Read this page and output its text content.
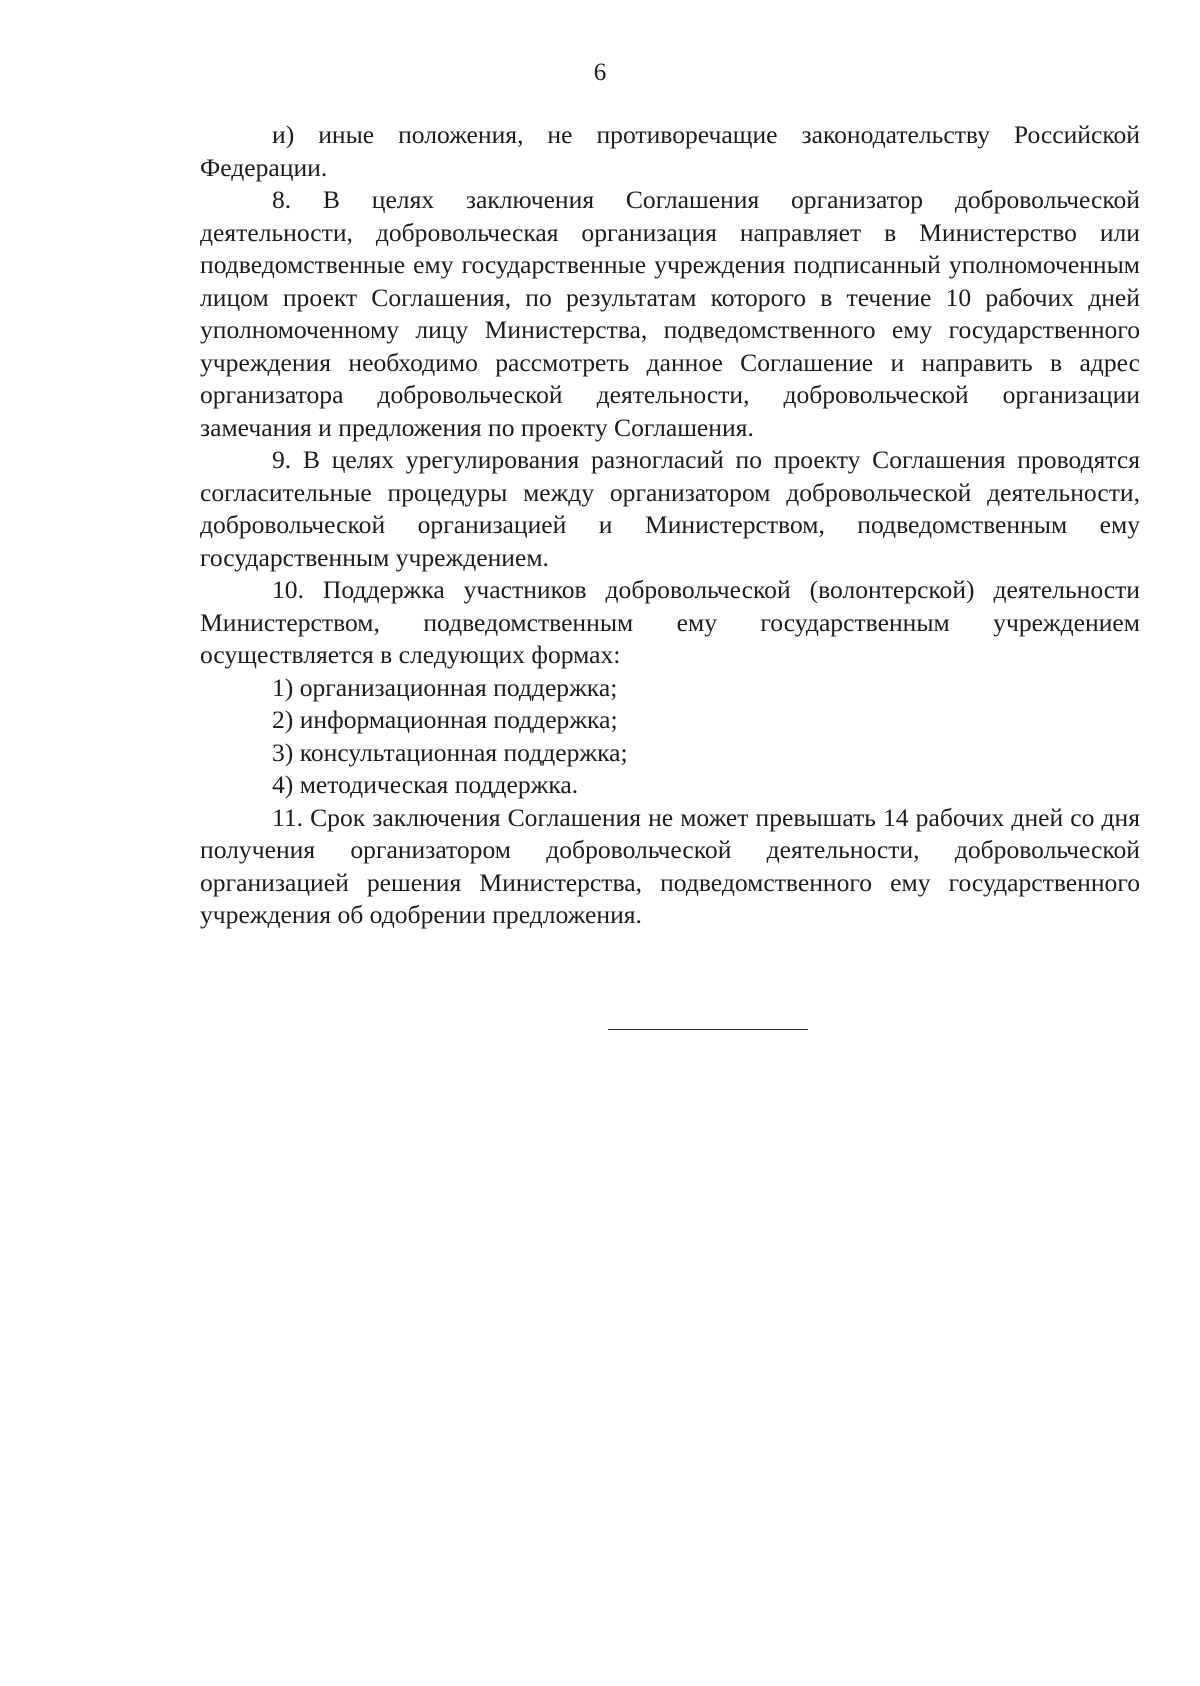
6

и) иные положения, не противоречащие законодательству Российской Федерации.

8. В целях заключения Соглашения организатор добровольческой деятельности, добровольческая организация направляет в Министерство или подведомственные ему государственные учреждения подписанный уполномоченным лицом проект Соглашения, по результатам которого в течение 10 рабочих дней уполномоченному лицу Министерства, подведомственного ему государственного учреждения необходимо рассмотреть данное Соглашение и направить в адрес организатора добровольческой деятельности, добровольческой организации замечания и предложения по проекту Соглашения.

9. В целях урегулирования разногласий по проекту Соглашения проводятся согласительные процедуры между организатором добровольческой деятельности, добровольческой организацией и Министерством, подведомственным ему государственным учреждением.

10. Поддержка участников добровольческой (волонтерской) деятельности Министерством, подведомственным ему государственным учреждением осуществляется в следующих формах:

1) организационная поддержка;

2) информационная поддержка;

3) консультационная поддержка;

4) методическая поддержка.

11. Срок заключения Соглашения не может превышать 14 рабочих дней со дня получения организатором добровольческой деятельности, добровольческой организацией решения Министерства, подведомственного ему государственного учреждения об одобрении предложения.
